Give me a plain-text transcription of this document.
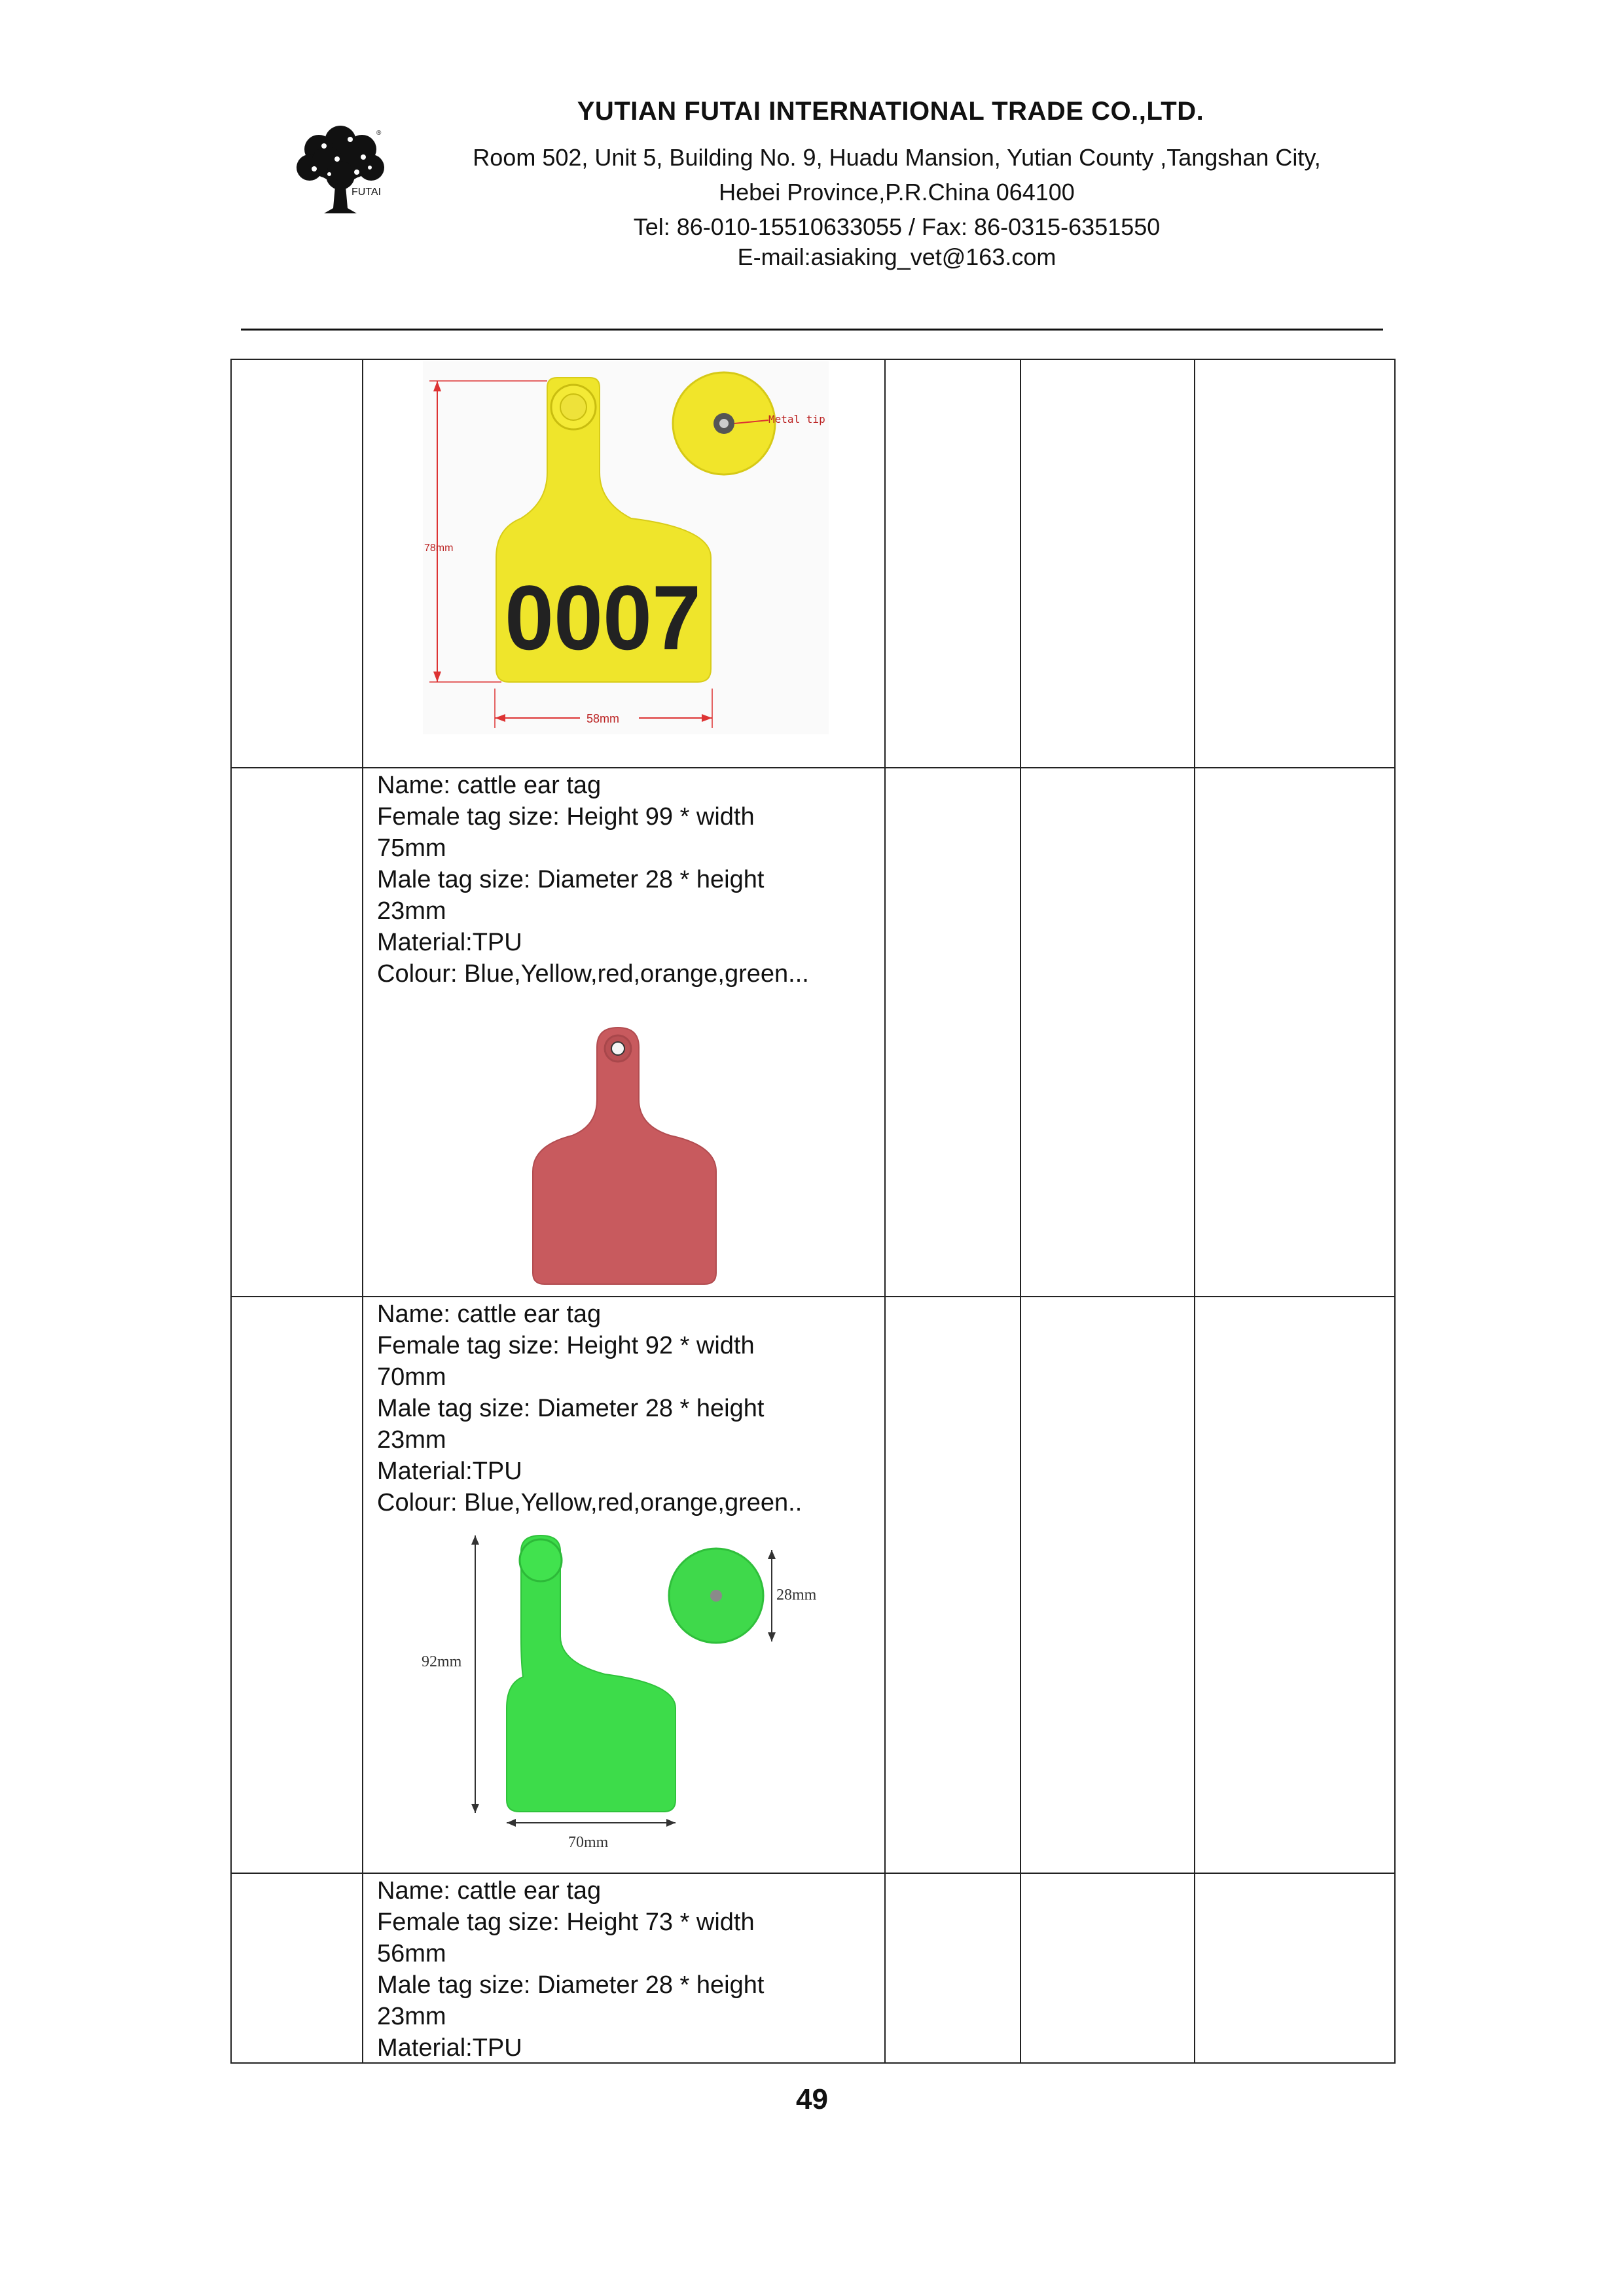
®
FUTAI
YUTIAN FUTAI INTERNATIONAL TRADE CO.,LTD.
Room 502, Unit 5, Building No. 9, Huadu Mansion, Yutian County ,Tangshan City,
Hebei Province,P.R.China 064100
Tel: 86-010-15510633055 / Fax: 86-0315-6351550
E-mail:asiaking_vet@163.com
78mm
58mm
0007
Metal tip
Name: cattle ear tag
Female tag size: Height 99 * width
75mm
Male tag size: Diameter 28 * height
23mm
Material:TPU
Colour: Blue,Yellow,red,orange,green...
Name: cattle ear tag
Female tag size: Height 92 * width
70mm
Male tag size: Diameter 28 * height
23mm
Material:TPU
Colour: Blue,Yellow,red,orange,green..
92mm
70mm
28mm
Name: cattle ear tag
Female tag size: Height 73 * width
56mm
Male tag size: Diameter 28 * height
23mm
Material:TPU
49
